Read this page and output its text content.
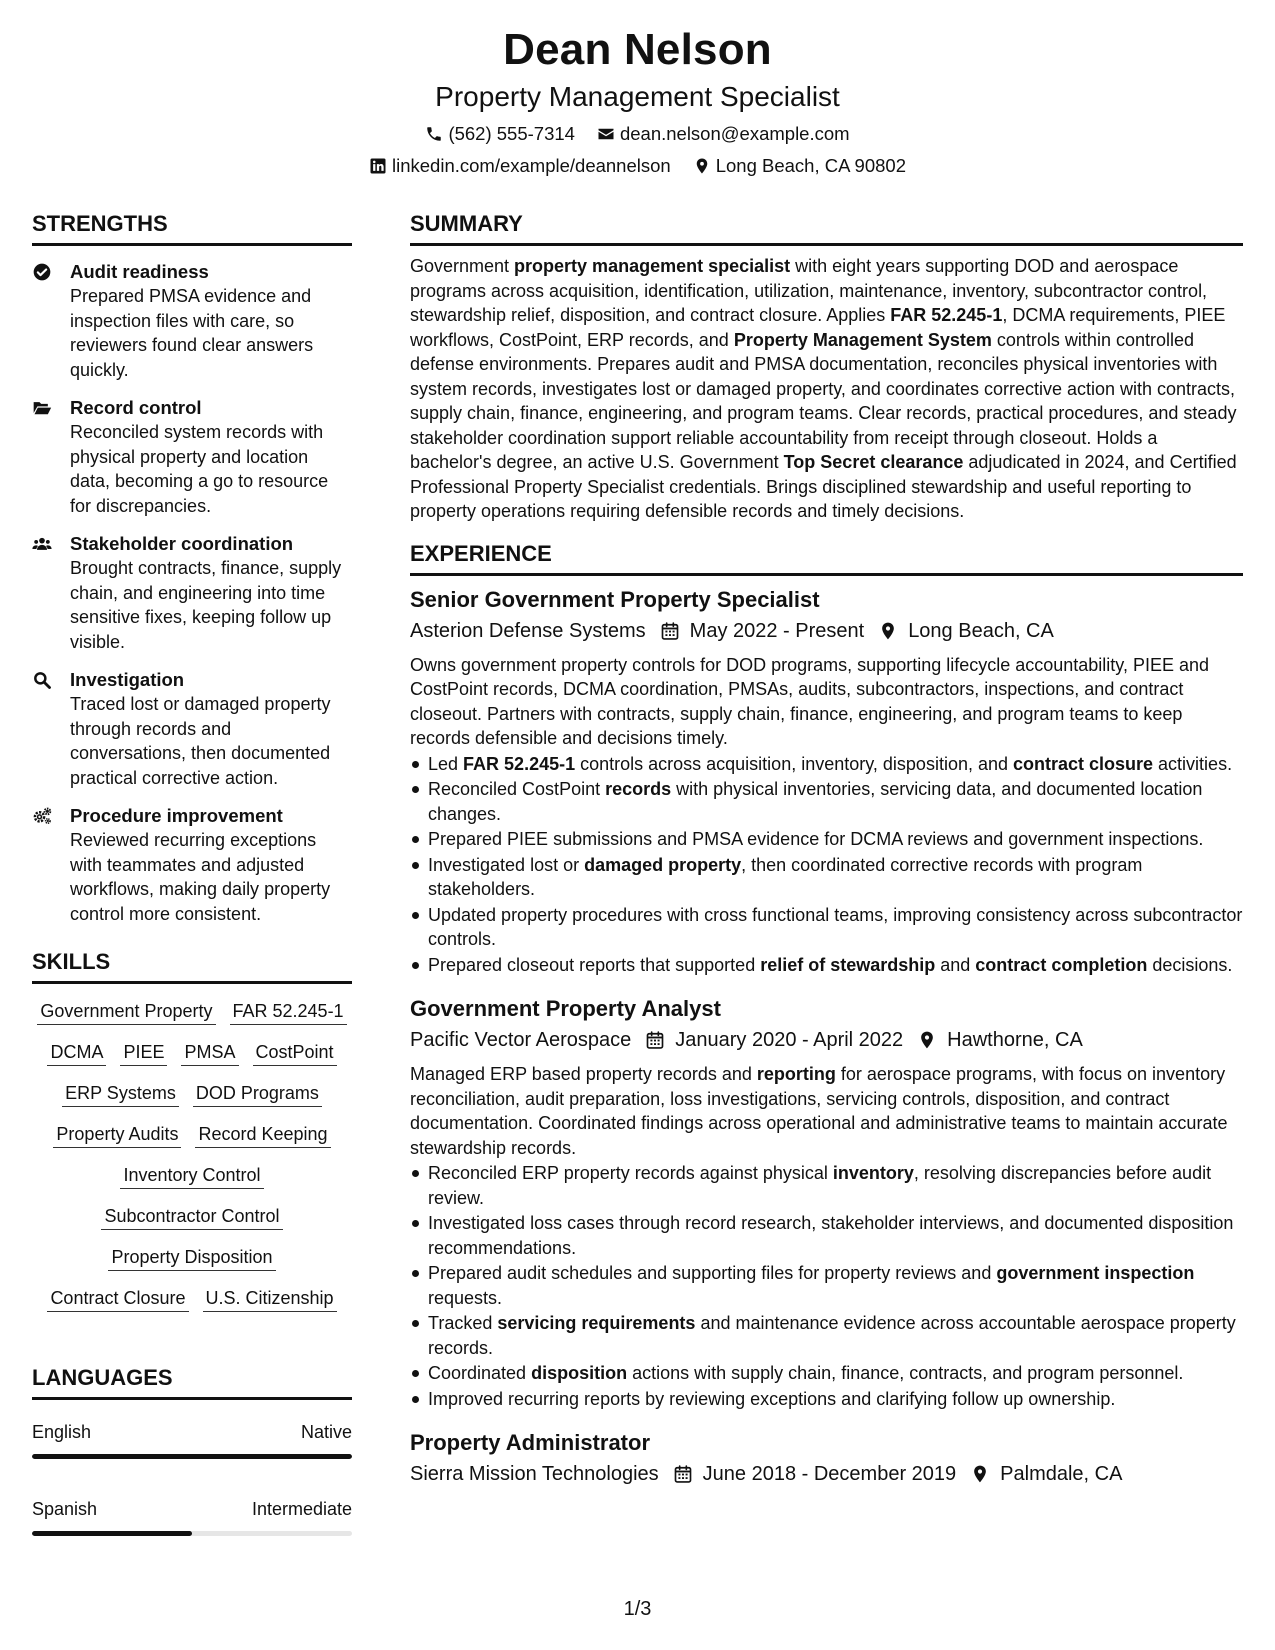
Dean Nelson
Property Management Specialist
(562) 555-7314 dean.nelson@example.com
linkedin.com/example/deannelson Long Beach, CA 90802
STRENGTHS
Audit readiness
Prepared PMSA evidence and inspection files with care, so reviewers found clear answers quickly.
Record control
Reconciled system records with physical property and location data, becoming a go to resource for discrepancies.
Stakeholder coordination
Brought contracts, finance, supply chain, and engineering into time sensitive fixes, keeping follow up visible.
Investigation
Traced lost or damaged property through records and conversations, then documented practical corrective action.
Procedure improvement
Reviewed recurring exceptions with teammates and adjusted workflows, making daily property control more consistent.
SKILLS
Government Property FAR 52.245-1
DCMA PIEE PMSA CostPoint
ERP Systems DOD Programs
Property Audits Record Keeping
Inventory Control
Subcontractor Control
Property Disposition
Contract Closure U.S. Citizenship
LANGUAGES
English	Native
Spanish	Intermediate
SUMMARY
Government property management specialist with eight years supporting DOD and aerospace programs across acquisition, identification, utilization, maintenance, inventory, subcontractor control, stewardship relief, disposition, and contract closure. Applies FAR 52.245-1, DCMA requirements, PIEE workflows, CostPoint, ERP records, and Property Management System controls within controlled defense environments. Prepares audit and PMSA documentation, reconciles physical inventories with system records, investigates lost or damaged property, and coordinates corrective action with contracts, supply chain, finance, engineering, and program teams. Clear records, practical procedures, and steady stakeholder coordination support reliable accountability from receipt through closeout. Holds a bachelor's degree, an active U.S. Government Top Secret clearance adjudicated in 2024, and Certified Professional Property Specialist credentials. Brings disciplined stewardship and useful reporting to property operations requiring defensible records and timely decisions.
EXPERIENCE
Senior Government Property Specialist
Asterion Defense Systems May 2022 - Present Long Beach, CA
Owns government property controls for DOD programs, supporting lifecycle accountability, PIEE and CostPoint records, DCMA coordination, PMSAs, audits, subcontractors, inspections, and contract closeout. Partners with contracts, supply chain, finance, engineering, and program teams to keep records defensible and decisions timely.
Led FAR 52.245-1 controls across acquisition, inventory, disposition, and contract closure activities.
Reconciled CostPoint records with physical inventories, servicing data, and documented location changes.
Prepared PIEE submissions and PMSA evidence for DCMA reviews and government inspections.
Investigated lost or damaged property, then coordinated corrective records with program stakeholders.
Updated property procedures with cross functional teams, improving consistency across subcontractor controls.
Prepared closeout reports that supported relief of stewardship and contract completion decisions.
Government Property Analyst
Pacific Vector Aerospace January 2020 - April 2022 Hawthorne, CA
Managed ERP based property records and reporting for aerospace programs, with focus on inventory reconciliation, audit preparation, loss investigations, servicing controls, disposition, and contract documentation. Coordinated findings across operational and administrative teams to maintain accurate stewardship records.
Reconciled ERP property records against physical inventory, resolving discrepancies before audit review.
Investigated loss cases through record research, stakeholder interviews, and documented disposition recommendations.
Prepared audit schedules and supporting files for property reviews and government inspection requests.
Tracked servicing requirements and maintenance evidence across accountable aerospace property records.
Coordinated disposition actions with supply chain, finance, contracts, and program personnel.
Improved recurring reports by reviewing exceptions and clarifying follow up ownership.
Property Administrator
Sierra Mission Technologies June 2018 - December 2019 Palmdale, CA
1/3
